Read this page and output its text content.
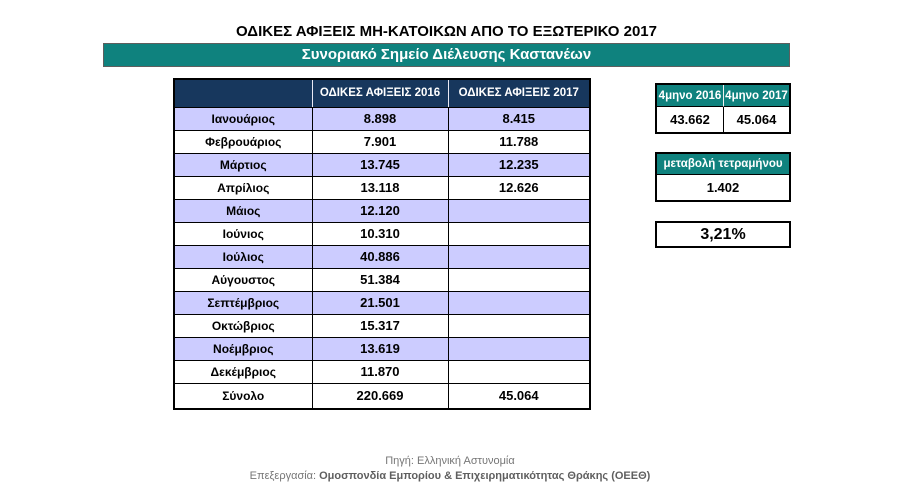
ΟΔΙΚΕΣ ΑΦΙΞΕΙΣ ΜΗ-ΚΑΤΟΙΚΩΝ ΑΠΟ ΤΟ ΕΞΩΤΕΡΙΚΟ 2017
Συνοριακό Σημείο Διέλευσης Καστανέων
	ΟΔΙΚΕΣ ΑΦΙΞΕΙΣ 2016	ΟΔΙΚΕΣ ΑΦΙΞΕΙΣ 2017
Ιανουάριος	8.898	8.415
Φεβρουάριος	7.901	11.788
Μάρτιος	13.745	12.235
Απρίλιος	13.118	12.626
Μάιος	12.120	
Ιούνιος	10.310	
Ιούλιος	40.886	
Αύγουστος	51.384	
Σεπτέμβριος	21.501	
Οκτώβριος	15.317	
Νοέμβριος	13.619	
Δεκέμβριος	11.870	
Σύνολο	220.669	45.064
4μηνο 2016 4μηνο 2017
43.662	45.064
μεταβολή τετραμήνου
1.402
3,21%
Πηγή: Ελληνική Αστυνομία
Επεξεργασία: Ομοσπονδία Εμπορίου & Επιχειρηματικότητας Θράκης (ΟΕΕΘ)
